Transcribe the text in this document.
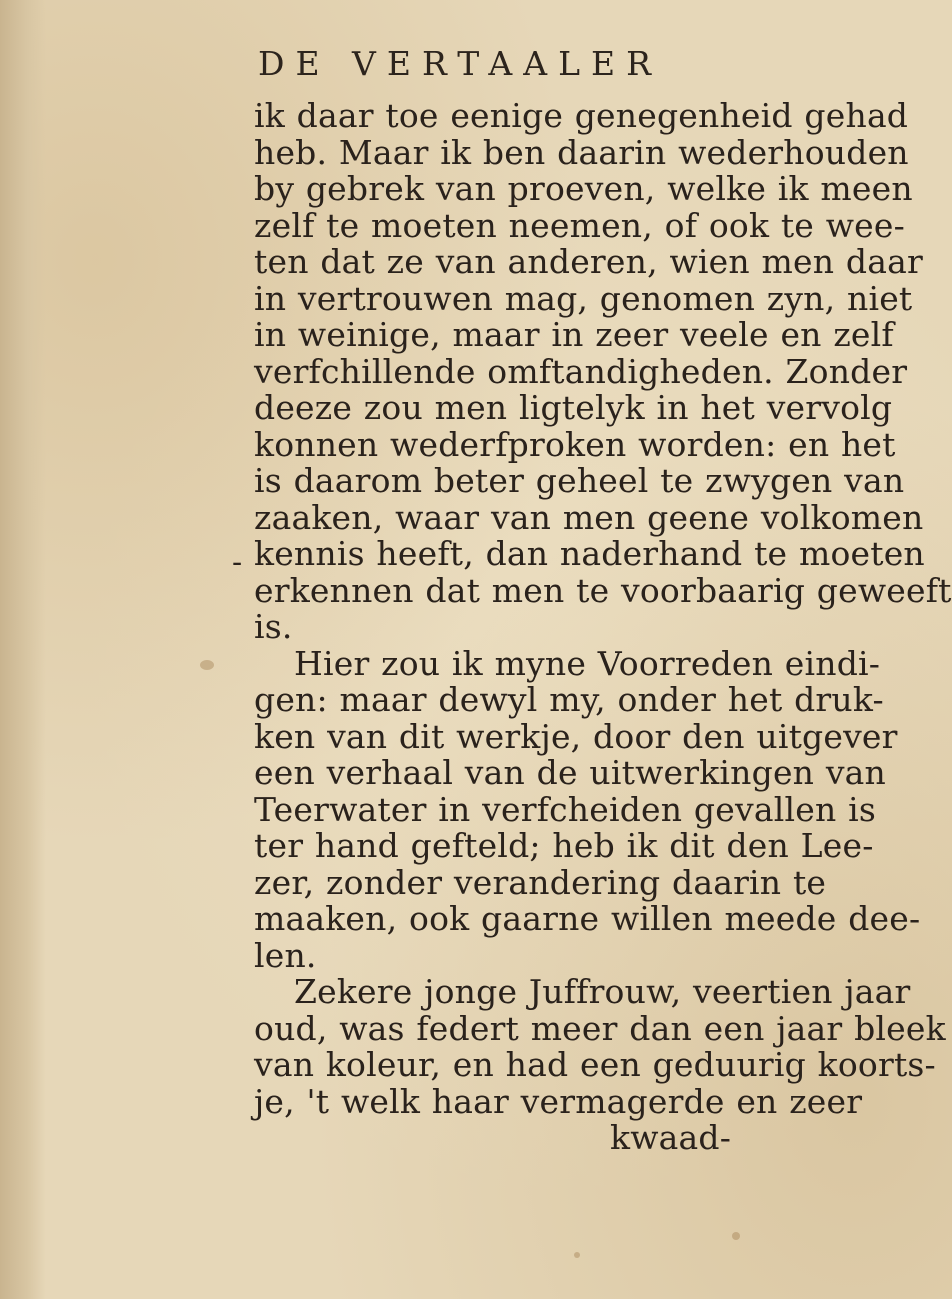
-
DE VERTAALER
ik daar toe eenige genegenheid gehad
heb. Maar ik ben daarin wederhouden
by gebrek van proeven, welke ik meen
zelf te moeten neemen, of ook te wee-
ten dat ze van anderen, wien men daar
in vertrouwen mag, genomen zyn, niet
in weinige, maar in zeer veele en zelf
verfchillende omftandigheden. Zonder
deeze zou men ligtelyk in het vervolg
konnen wederfproken worden: en het
is daarom beter geheel te zwygen van
zaaken, waar van men geene volkomen
kennis heeft, dan naderhand te moeten
erkennen dat men te voorbaarig geweeft
is.
Hier zou ik myne Voorreden eindi-
gen: maar dewyl my, onder het druk-
ken van dit werkje, door den uitgever
een verhaal van de uitwerkingen van
Teerwater in verfcheiden gevallen is
ter hand gefteld; heb ik dit den Lee-
zer, zonder verandering daarin te
maaken, ook gaarne willen meede dee-
len.
Zekere jonge Juffrouw, veertien jaar
oud, was federt meer dan een jaar bleek
van koleur, en had een geduurig koorts-
je, 't welk haar vermagerde en zeer
kwaad-
